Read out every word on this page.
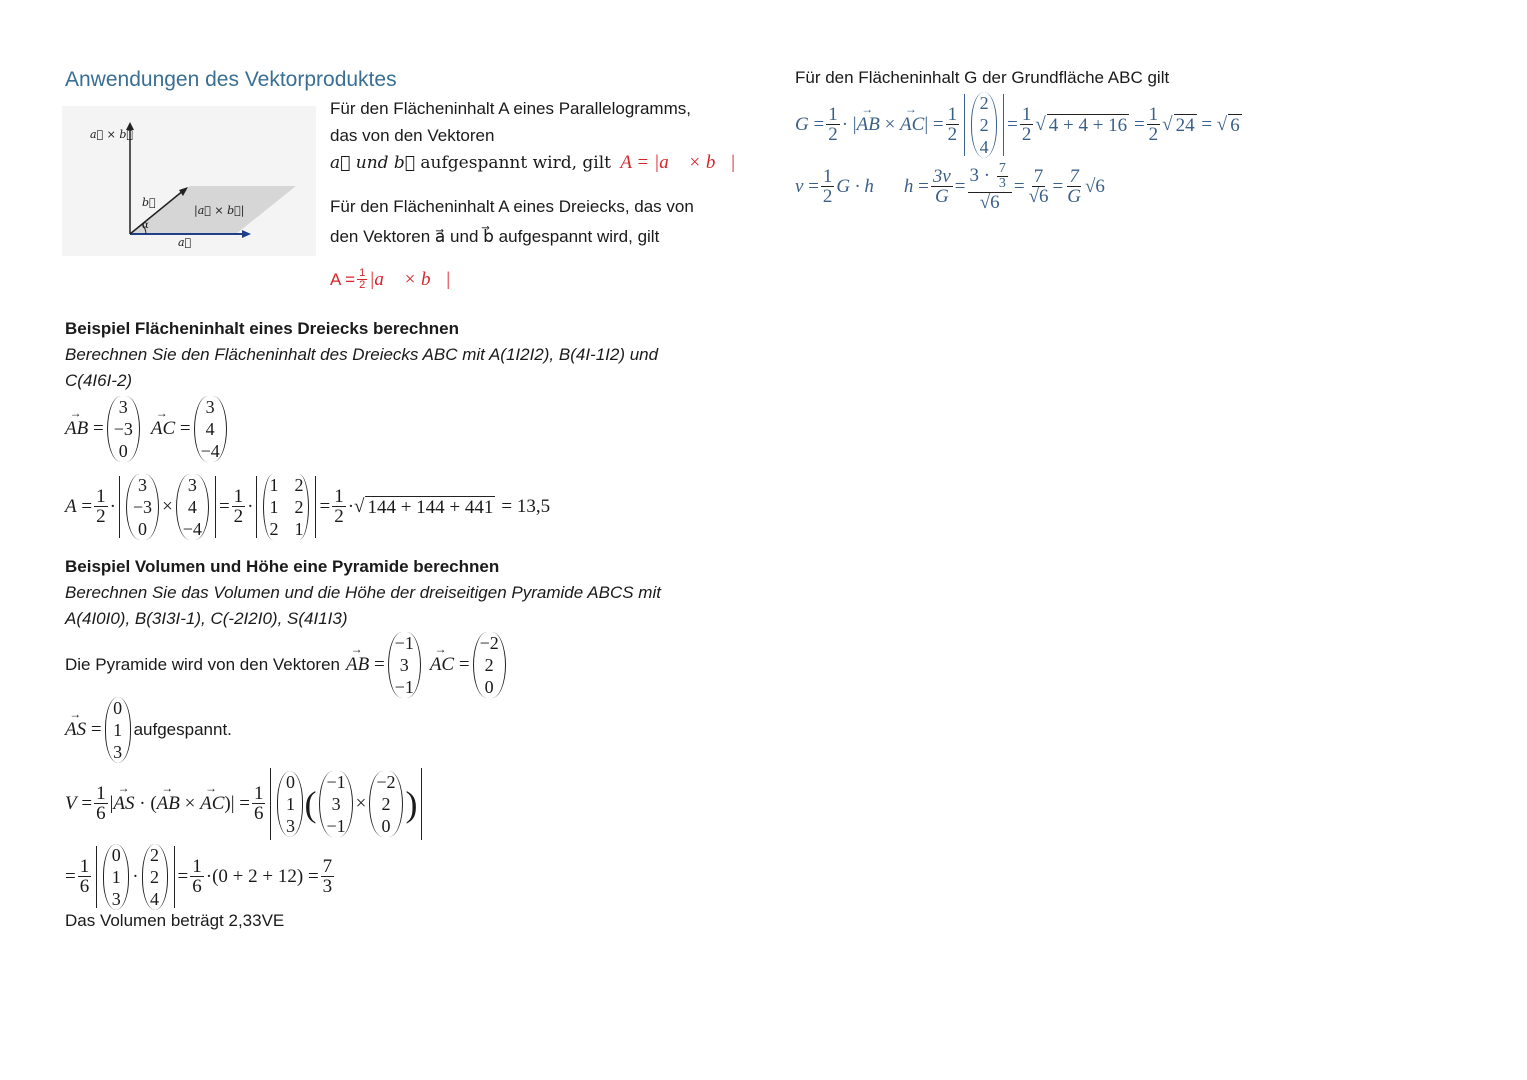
Anwendungen des Vektorproduktes
a⃗ × b⃗
|a⃗ × b⃗|
a⃗
b⃗
α
Für den Flächeninhalt A eines Parallelogramms,
das von den Vektoren
a⃗ und b⃗ aufgespannt wird, gilt A = |a⃗ × b⃗|
Für den Flächeninhalt A eines Dreiecks, das von
den Vektoren a⃗ und b⃗ aufgespannt wird, gilt
$A = \frac{1}{2}$ |a⃗ × b⃗|
Beispiel Flächeninhalt eines Dreiecks berechnen
Berechnen Sie den Flächeninhalt des Dreiecks ABC mit A(1I2I2), B(4I-1I2) und
C(4I6I-2)
→ AB =
3
−3
0
→ AC =
3
4
−4
$A = \frac{1}{2}$ ·
3
−3
0
×
3
4
−4
= $\frac{1}{2}$ ·
1 2
1 2
2 1
= $\frac{1}{2}$ · √ 144 + 144 + 441 = 13,5
Beispiel Volumen und Höhe eine Pyramide berechnen
Berechnen Sie das Volumen und die Höhe der dreiseitigen Pyramide ABCS mit
A(4I0I0), B(3I3I-1), C(-2I2I0), S(4I1I3)
Die Pyramide wird von den Vektoren → AB =
−1
3
−1
→ AC =
−2
2
0
→ AS =
0
1
3
aufgespannt.
$V = \frac{1}{6}$ | → AS · ( → AB × → AC )| = $\frac{1}{6}$
0
1
3
(
−1
3
−1
×
−2
2
0
)
= $\frac{1}{6}$
0
1
3
·
2
2
4
= $\frac{1}{6} \cdot (0 + 2 + 12) = \frac{7}{3}$
Das Volumen beträgt 2,33VE
Für den Flächeninhalt G der Grundfläche ABC gilt
$G = \frac{1}{2}$ · | → AB × → AC | = $\frac{1}{2}$
2
2
4
= $\frac{1}{2}$ √ $4 + 4 + 16 = \frac{1}{2}$ √ 24 = √ 6
$v = \frac{1}{2}$ G · h $h = \frac{3v}{G} = \frac{3 \cdot \frac{7}{3}}{√6} = \frac{7}{√6} = \frac{7}{G} √6$
